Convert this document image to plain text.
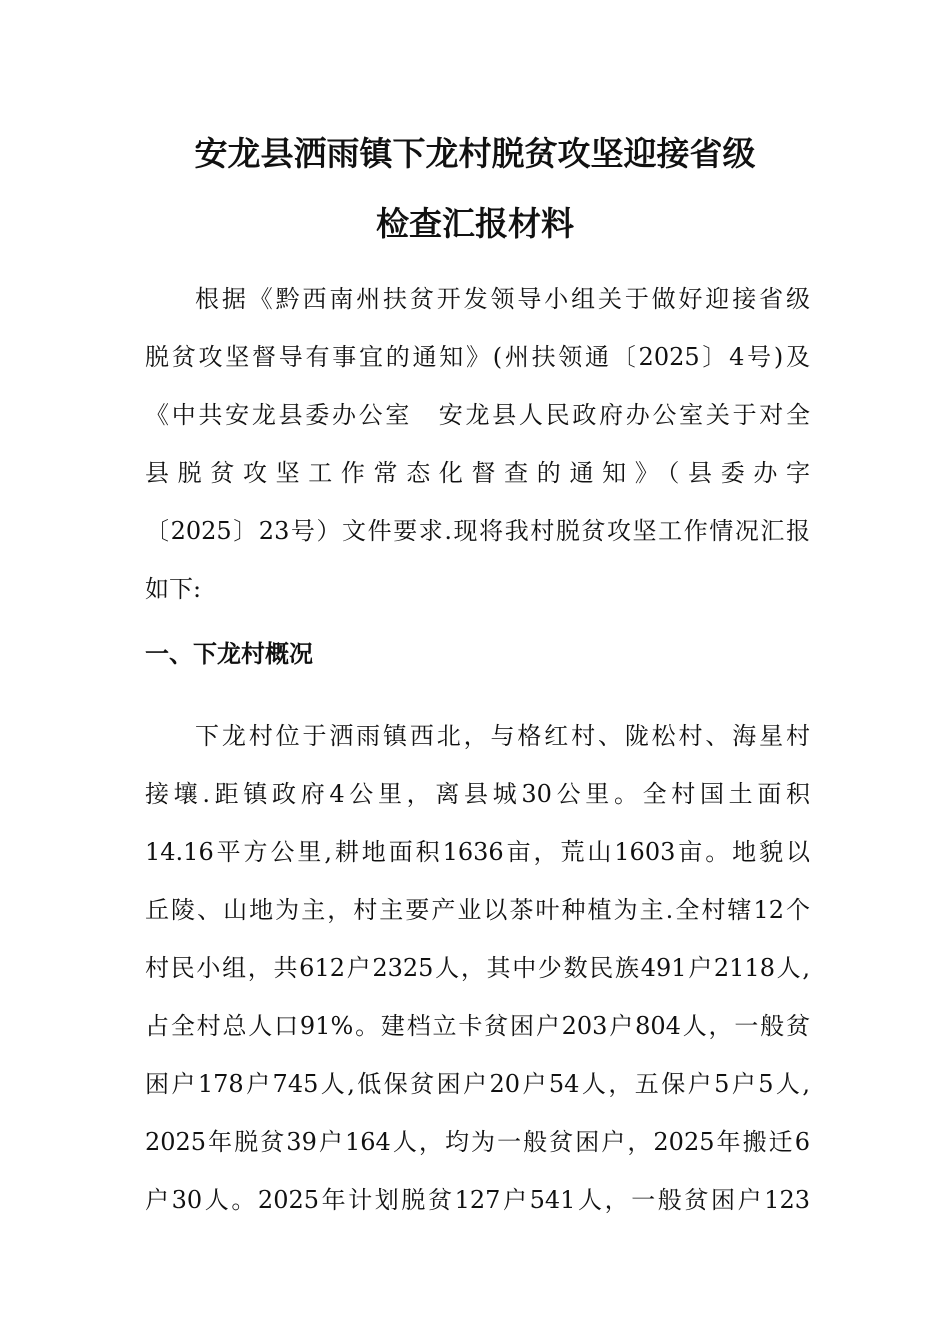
安龙县洒雨镇下龙村脱贫攻坚迎接省级
检查汇报材料
根据《黔西南州扶贫开发领导小组关于做好迎接省级
脱贫攻坚督导有事宜的通知》(州扶领通〔2025〕4号)及
《中共安龙县委办公室　安龙县人民政府办公室关于对全
县脱贫攻坚工作常态化督查的通知》（县委办字
〔2025〕23号）文件要求.现将我村脱贫攻坚工作情况汇报
如下:
一、下龙村概况
下龙村位于洒雨镇西北，与格红村、陇松村、海星村
接壤.距镇政府4公里，离县城30公里。全村国土面积
14.16平方公里,耕地面积1636亩，荒山1603亩。地貌以
丘陵、山地为主，村主要产业以茶叶种植为主.全村辖12个
村民小组，共612户2325人，其中少数民族491户2118人,
占全村总人口91%。建档立卡贫困户203户804人，一般贫
困户178户745人,低保贫困户20户54人，五保户5户5人,
2025年脱贫39户164人，均为一般贫困户，2025年搬迁6
户30人。2025年计划脱贫127户541人，一般贫困户123
